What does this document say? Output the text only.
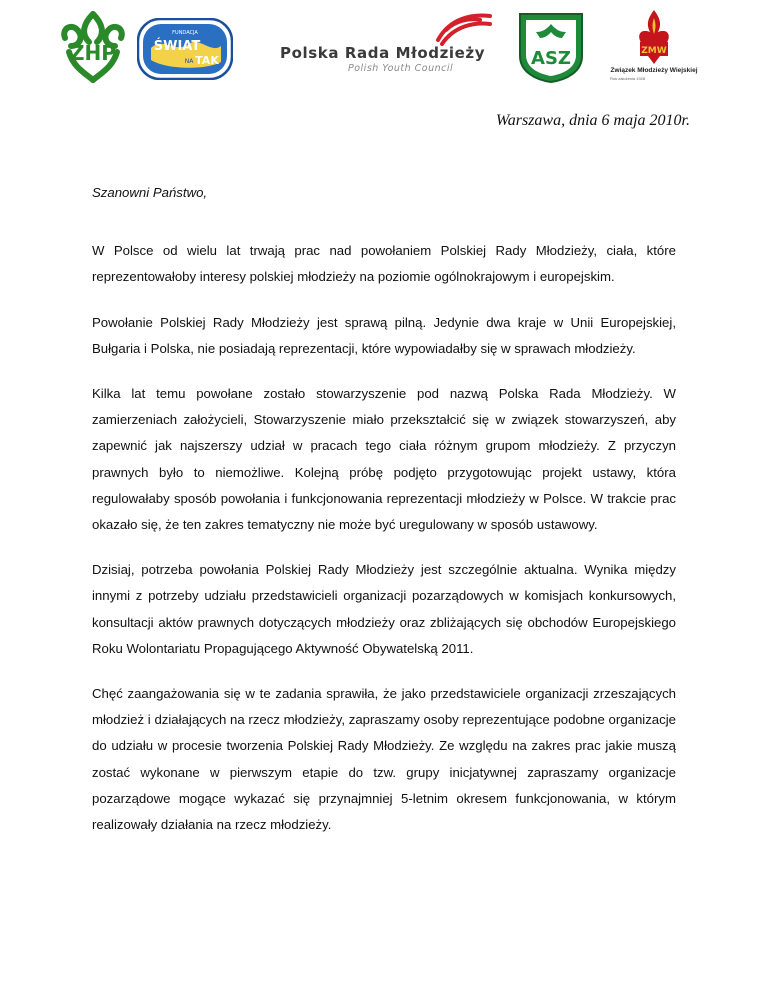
ZHP
FUNDACJA
ŚWIAT
NA TAK	Polska Rada Młodzieży
Polish Youth Council	ASZ	ZMW
Związek Młodzieży Wiejskiej
Rok założenia 1928
Warszawa, dnia 6 maja 2010r.
Szanowni Państwo,

W Polsce od wielu lat trwają prac nad powołaniem Polskiej Rady Młodzieży, ciała, które reprezentowałoby interesy polskiej młodzieży na poziomie ogólnokrajowym i europejskim.

Powołanie Polskiej Rady Młodzieży jest sprawą pilną. Jedynie dwa kraje w Unii Europejskiej, Bułgaria i Polska, nie posiadają reprezentacji, które wypowiadałby się w sprawach młodzieży.

Kilka lat temu powołane zostało stowarzyszenie pod nazwą Polska Rada Młodzieży. W zamierzeniach założycieli, Stowarzyszenie miało przekształcić się w związek stowarzyszeń, aby zapewnić jak najszerszy udział w pracach tego ciała różnym grupom młodzieży. Z przyczyn prawnych było to niemożliwe. Kolejną próbę podjęto przygotowując projekt ustawy, która regulowałaby sposób powołania i funkcjonowania reprezentacji młodzieży w Polsce. W trakcie prac okazało się, że ten zakres tematyczny nie może być uregulowany w sposób ustawowy.

Dzisiaj, potrzeba powołania Polskiej Rady Młodzieży jest szczególnie aktualna. Wynika między innymi z potrzeby udziału przedstawicieli organizacji pozarządowych w komisjach konkursowych, konsultacji aktów prawnych dotyczących młodzieży oraz zbliżających się obchodów Europejskiego Roku Wolontariatu Propagującego Aktywność Obywatelską 2011.

Chęć zaangażowania się w te zadania sprawiła, że jako przedstawiciele organizacji zrzeszających młodzież i działających na rzecz młodzieży, zapraszamy osoby reprezentujące podobne organizacje do udziału w procesie tworzenia Polskiej Rady Młodzieży. Ze względu na zakres prac jakie muszą zostać wykonane w pierwszym etapie do tzw. grupy inicjatywnej zapraszamy organizacje pozarządowe mogące wykazać się przynajmniej 5-letnim okresem funkcjonowania, w którym realizowały działania na rzecz młodzieży.
